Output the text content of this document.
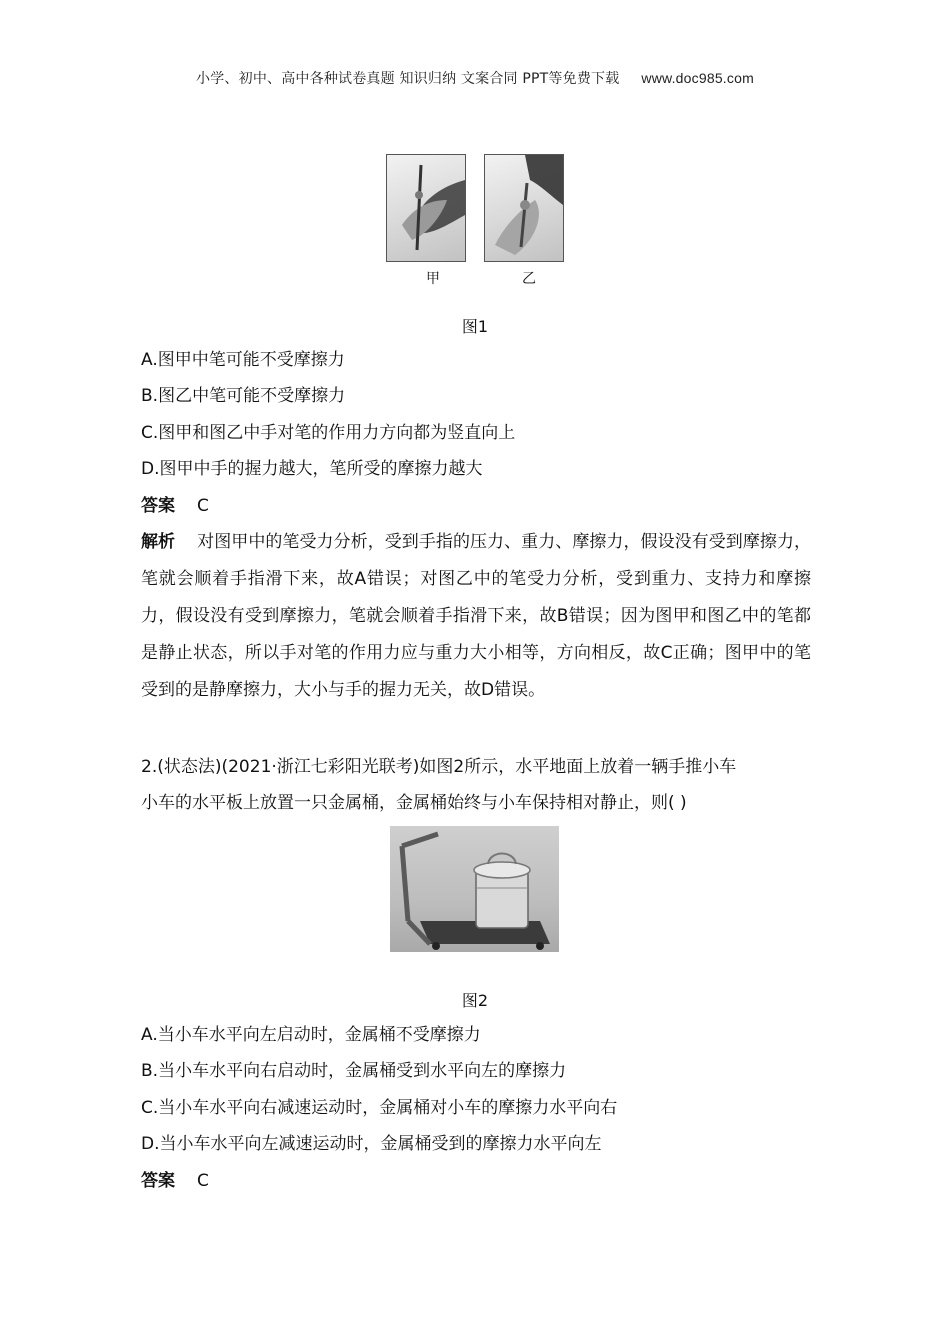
小学、初中、高中各种试卷真题 知识归纳 文案合同 PPT等免费下载 www.doc985.com
甲	乙
图1
A.图甲中笔可能不受摩擦力
B.图乙中笔可能不受摩擦力
C.图甲和图乙中手对笔的作用力方向都为竖直向上
D.图甲中手的握力越大，笔所受的摩擦力越大
答案 C
解析 对图甲中的笔受力分析，受到手指的压力、重力、摩擦力，假设没有受到摩擦力，笔就会顺着手指滑下来，故A错误；对图乙中的笔受力分析，受到重力、支持力和摩擦力，假设没有受到摩擦力，笔就会顺着手指滑下来，故B错误；因为图甲和图乙中的笔都是静止状态，所以手对笔的作用力应与重力大小相等，方向相反，故C正确；图甲中的笔受到的是静摩擦力，大小与手的握力无关，故D错误。
2.(状态法)(2021·浙江七彩阳光联考)如图2所示，水平地面上放着一辆手推小车
小车的水平板上放置一只金属桶，金属桶始终与小车保持相对静止，则( )
图2
A.当小车水平向左启动时，金属桶不受摩擦力
B.当小车水平向右启动时，金属桶受到水平向左的摩擦力
C.当小车水平向右减速运动时，金属桶对小车的摩擦力水平向右
D.当小车水平向左减速运动时，金属桶受到的摩擦力水平向左
答案 C
